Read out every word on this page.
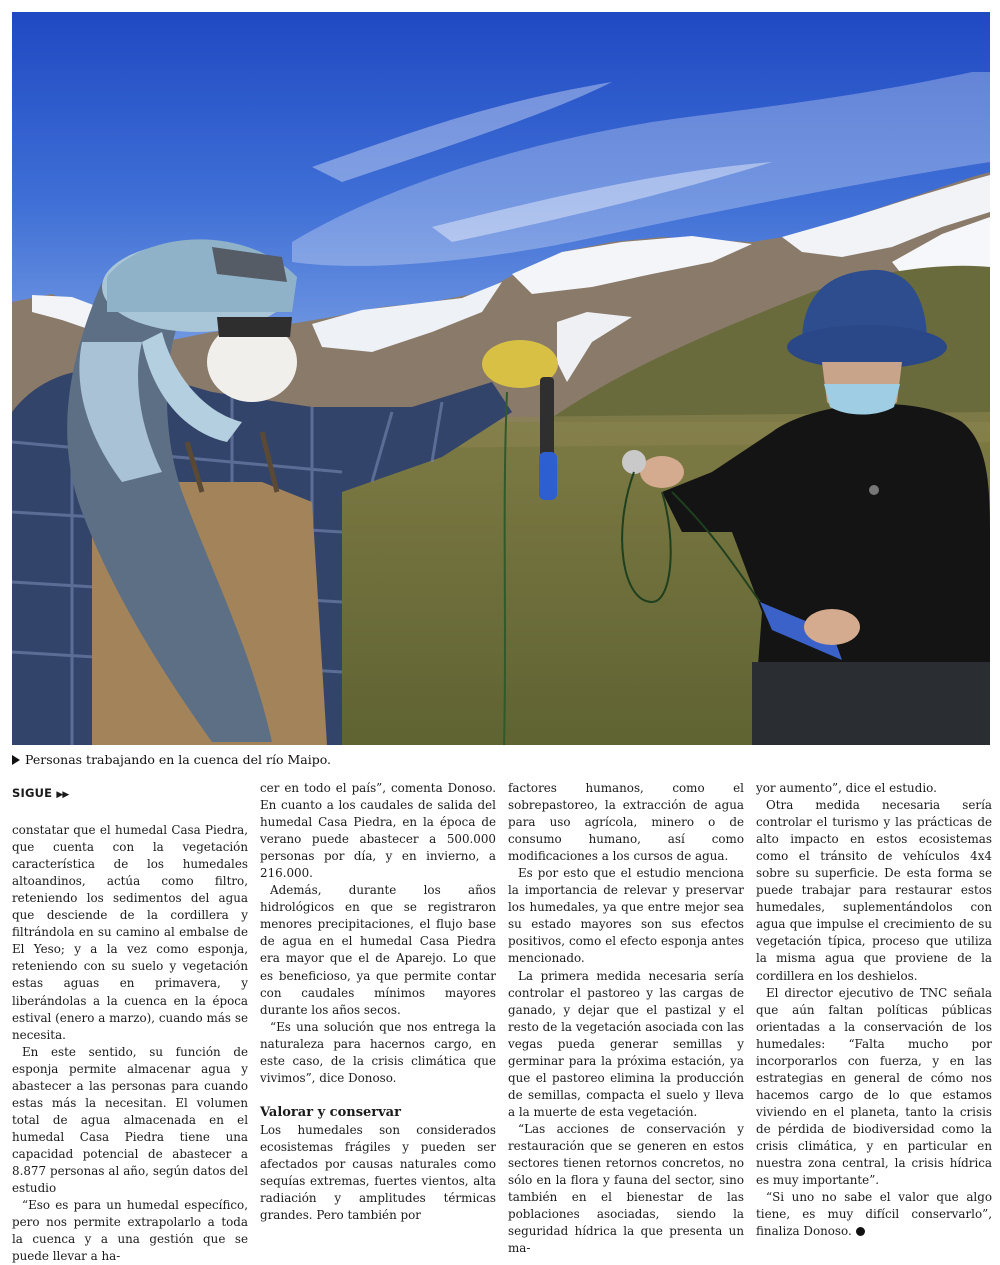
Personas trabajando en la cuenca del río Maipo.
SIGUE ▶▶

constatar que el humedal Casa Piedra, que cuenta con la vegetación característica de los humedales altoandinos, actúa como filtro, reteniendo los sedimentos del agua que desciende de la cordillera y filtrándola en su camino al embalse de El Yeso; y a la vez como esponja, reteniendo con su suelo y vegetación estas aguas en primavera, y liberándolas a la cuenca en la época estival (enero a marzo), cuando más se necesita.

En este sentido, su función de esponja permite almacenar agua y abastecer a las personas para cuando estas más la necesitan. El volumen total de agua almacenada en el humedal Casa Piedra tiene una capacidad potencial de abastecer a 8.877 personas al año, según datos del estudio

“Eso es para un humedal específico, pero nos permite extrapolarlo a toda la cuenca y a una gestión que se puede llevar a ha-

cer en todo el país”, comenta Donoso. En cuanto a los caudales de salida del humedal Casa Piedra, en la época de verano puede abastecer a 500.000 personas por día, y en invierno, a 216.000.

Además, durante los años hidrológicos en que se registraron menores precipitaciones, el flujo base de agua en el humedal Casa Piedra era mayor que el de Aparejo. Lo que es beneficioso, ya que permite contar con caudales mínimos mayores durante los años secos.

“Es una solución que nos entrega la naturaleza para hacernos cargo, en este caso, de la crisis climática que vivimos”, dice Donoso.

Valorar y conservar

Los humedales son considerados ecosistemas frágiles y pueden ser afectados por causas naturales como sequías extremas, fuertes vientos, alta radiación y amplitudes térmicas grandes. Pero también por

factores humanos, como el sobrepastoreo, la extracción de agua para uso agrícola, minero o de consumo humano, así como modificaciones a los cursos de agua.

Es por esto que el estudio menciona la importancia de relevar y preservar los humedales, ya que entre mejor sea su estado mayores son sus efectos positivos, como el efecto esponja antes mencionado.

La primera medida necesaria sería controlar el pastoreo y las cargas de ganado, y dejar que el pastizal y el resto de la vegetación asociada con las vegas pueda generar semillas y germinar para la próxima estación, ya que el pastoreo elimina la producción de semillas, compacta el suelo y lleva a la muerte de esta vegetación.

“Las acciones de conservación y restauración que se generen en estos sectores tienen retornos concretos, no sólo en la flora y fauna del sector, sino también en el bienestar de las poblaciones asociadas, siendo la seguridad hídrica la que presenta un ma-

yor aumento”, dice el estudio.

Otra medida necesaria sería controlar el turismo y las prácticas de alto impacto en estos ecosistemas como el tránsito de vehículos 4x4 sobre su superficie. De esta forma se puede trabajar para restaurar estos humedales, suplementándolos con agua que impulse el crecimiento de su vegetación típica, proceso que utiliza la misma agua que proviene de la cordillera en los deshielos.

El director ejecutivo de TNC señala que aún faltan políticas públicas orientadas a la conservación de los humedales: “Falta mucho por incorporarlos con fuerza, y en las estrategias en general de cómo nos hacemos cargo de lo que estamos viviendo en el planeta, tanto la crisis de pérdida de biodiversidad como la crisis climática, y en particular en nuestra zona central, la crisis hídrica es muy importante”.

“Si uno no sabe el valor que algo tiene, es muy difícil conservarlo”, finaliza Donoso.
